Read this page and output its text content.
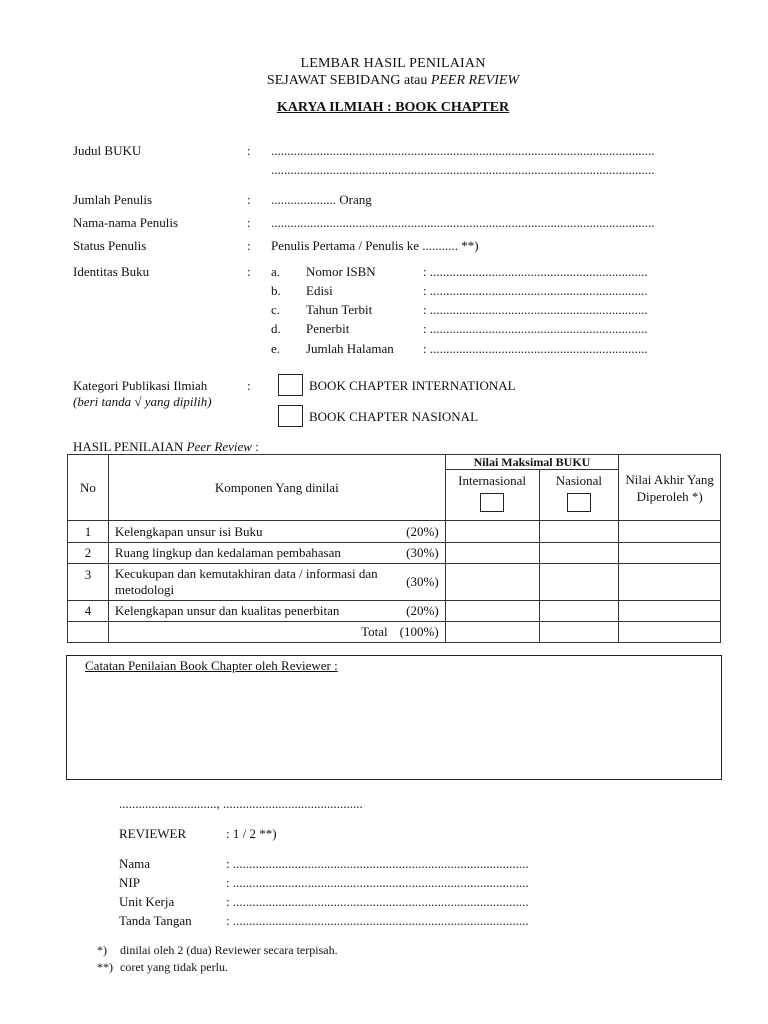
LEMBAR HASIL PENILAIAN
SEJAWAT SEBIDANG atau PEER REVIEW
KARYA ILMIAH : BOOK CHAPTER
Judul BUKU	: ......................................................................................................................
......................................................................................................................
Jumlah Penulis	: .................... Orang
Nama-nama Penulis	: ......................................................................................................................
Status Penulis	: Penulis Pertama / Penulis ke ........... **)
Identitas Buku	: a. Nomor ISBN	: ...................................................................
b. Edisi	: ...................................................................
c. Tahun Terbit	: ...................................................................
d. Penerbit	: ...................................................................
e. Jumlah Halaman : ...................................................................
Kategori Publikasi Ilmiah
(beri tanda √ yang dipilih)
:	BOOK CHAPTER INTERNATIONAL
BOOK CHAPTER NASIONAL
HASIL PENILAIAN Peer Review :
No	Komponen Yang dinilai	Nilai Maksimal BUKU		Nilai Akhir Yang Diperoleh *)

		Internasional	Nasional	

1	Kelengkapan unsur isi Buku (20%)			

2	Ruang lingkup dan kedalaman pembahasan (30%)			

3	Kecukupan dan kemutakhiran data / informasi dan metodologi
(30%)			

4	Kelengkapan unsur dan kualitas penerbitan (20%)			

	Total (100%)			

Catatan Penilaian Book Chapter oleh Reviewer :
.............................., ...........................................
REVIEWER	: 1 / 2 **)
Nama	: ...........................................................................................
NIP	: ...........................................................................................
Unit Kerja	: ...........................................................................................
Tanda Tangan	: ...........................................................................................
*) dinilai oleh 2 (dua) Reviewer secara terpisah.
**) coret yang tidak perlu.
